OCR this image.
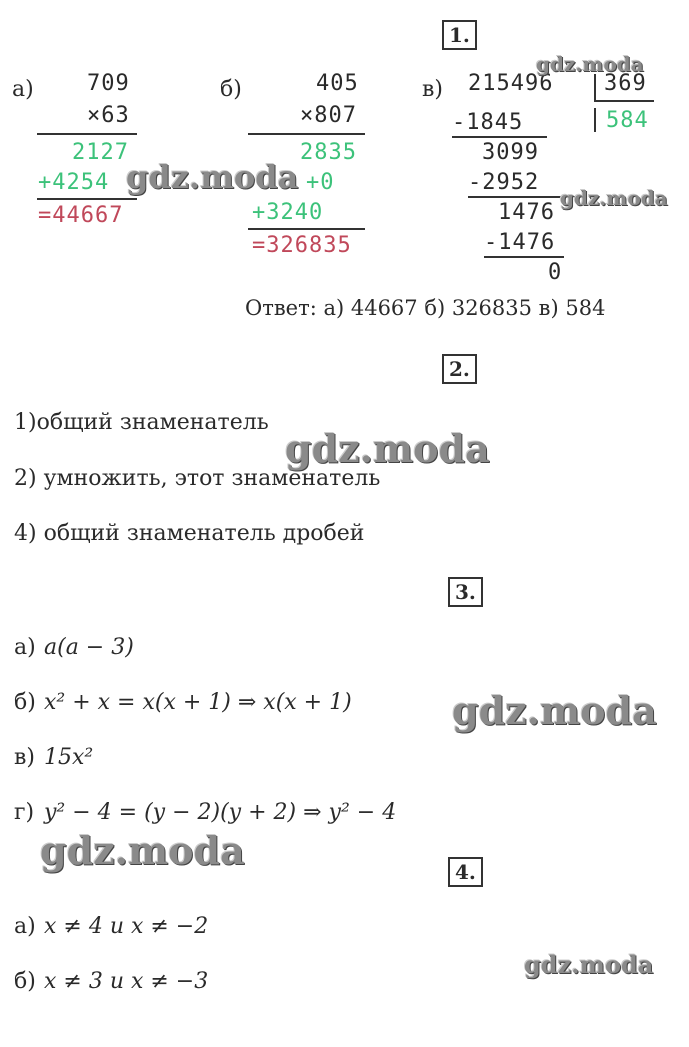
1.
а) 709
×63
2127
+4254
=44667
б)	405
×807
2835
+0
+3240
=326835
в) 215496 369
584
-1845
3099
-2952
1476
-1476
0
Ответ: а) 44667 б) 326835 в) 584
2.
1)общий знаменатель
2) умножить, этот знаменатель
4) общий знаменатель дробей
3.
а) a(a − 3)
б) x² + x = x(x + 1) ⇒ x(x + 1)
в) 15x²
г) y² − 4 = (y − 2)(y + 2) ⇒ y² − 4
4.
а) x ≠ 4 и x ≠ −2
б) x ≠ 3 и x ≠ −3
gdz.moda
gdz.moda
gdz.moda
gdz.moda
gdz.moda
gdz.moda
gdz.moda
